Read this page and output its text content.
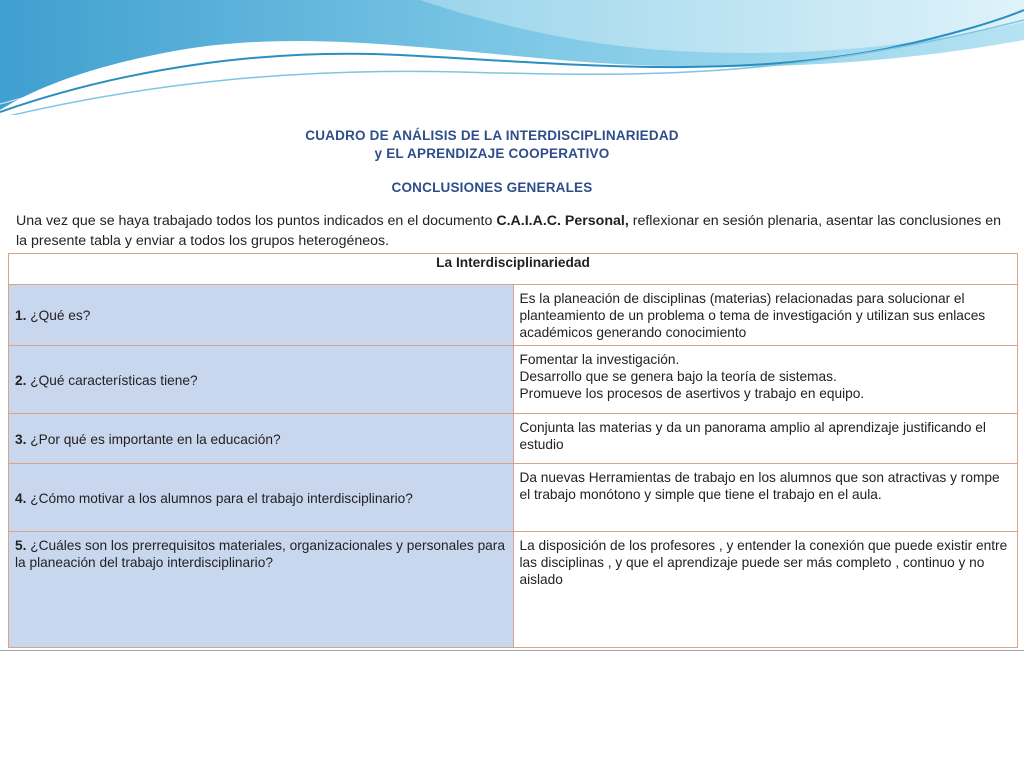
CUADRO DE ANÁLISIS DE LA INTERDISCIPLINARIEDAD
y EL APRENDIZAJE COOPERATIVO
CONCLUSIONES GENERALES
Una vez que se haya trabajado todos los puntos indicados en el documento C.A.I.A.C. Personal, reflexionar en sesión plenaria, asentar las conclusiones en la presente tabla y enviar a todos los grupos heterogéneos.
La Interdisciplinariedad	
1. ¿Qué es?	Es la planeación de disciplinas (materias) relacionadas para solucionar el planteamiento de un problema o tema de investigación y utilizan sus enlaces académicos generando conocimiento

2. ¿Qué características tiene?	Fomentar la investigación.
Desarrollo que se genera bajo la teoría de sistemas.
Promueve los procesos de asertivos y trabajo en equipo.

3. ¿Por qué es importante en la educación?	Conjunta las materias y da un panorama amplio al aprendizaje justificando el estudio

4. ¿Cómo motivar a los alumnos para el trabajo interdisciplinario?	Da nuevas Herramientas de trabajo en los alumnos que son atractivas y rompe el trabajo monótono y simple que tiene el trabajo en el aula.

5. ¿Cuáles son los prerrequisitos materiales, organizacionales y personales para la planeación del trabajo interdisciplinario?	La disposición de los profesores , y entender la conexión que puede existir entre las disciplinas , y que el aprendizaje puede ser más completo , continuo y no aislado
